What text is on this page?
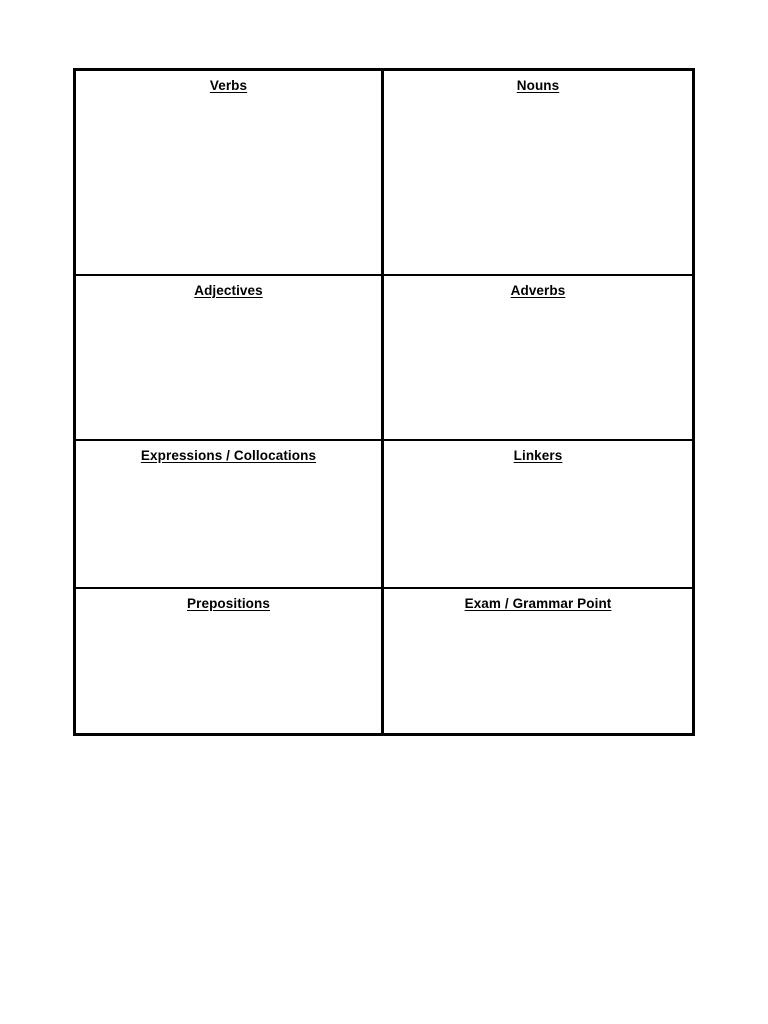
Verbs	Nouns
Adjectives	Adverbs
Expressions / Collocations	Linkers
Prepositions	Exam / Grammar Point
